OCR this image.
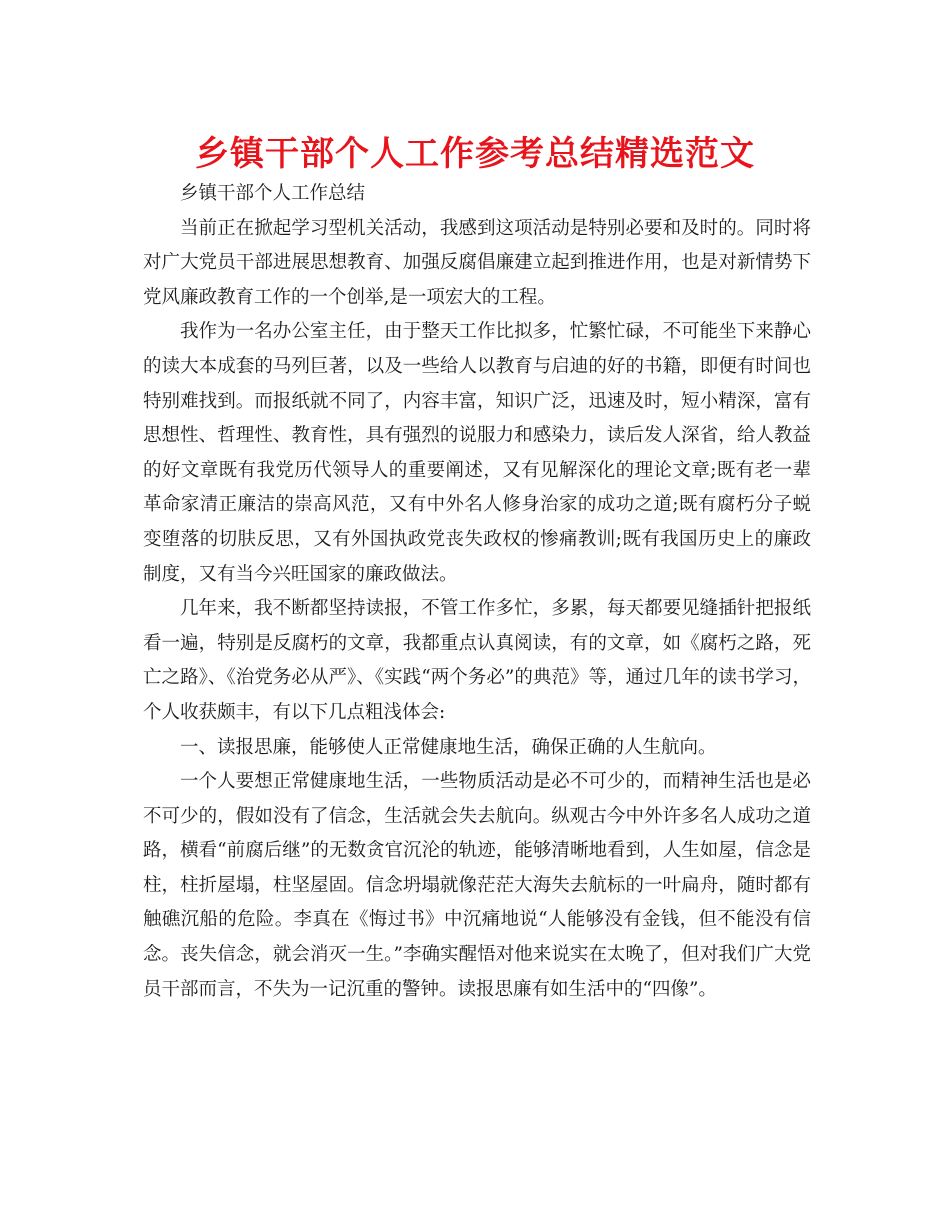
乡镇干部个人工作参考总结精选范文

乡镇干部个人工作总结

当前正在掀起学习型机关活动，我感到这项活动是特别必要和及时的。同时将对广大党员干部进展思想教育、加强反腐倡廉建立起到推进作用，也是对新情势下党风廉政教育工作的一个创举,是一项宏大的工程。

我作为一名办公室主任，由于整天工作比拟多，忙繁忙碌，不可能坐下来静心的读大本成套的马列巨著，以及一些给人以教育与启迪的好的书籍，即便有时间也特别难找到。而报纸就不同了，内容丰富，知识广泛，迅速及时，短小精深，富有思想性、哲理性、教育性，具有强烈的说服力和感染力，读后发人深省，给人教益的好文章既有我党历代领导人的重要阐述，又有见解深化的理论文章;既有老一辈革命家清正廉洁的崇高风范，又有中外名人修身治家的成功之道;既有腐朽分子蜕变堕落的切肤反思，又有外国执政党丧失政权的惨痛教训;既有我国历史上的廉政制度，又有当今兴旺国家的廉政做法。

几年来，我不断都坚持读报，不管工作多忙，多累，每天都要见缝插针把报纸看一遍，特别是反腐朽的文章，我都重点认真阅读，有的文章，如《腐朽之路，死亡之路》、《治党务必从严》、《实践“两个务必”的典范》等，通过几年的读书学习，个人收获颇丰，有以下几点粗浅体会:

一、读报思廉，能够使人正常健康地生活，确保正确的人生航向。

一个人要想正常健康地生活，一些物质活动是必不可少的，而精神生活也是必不可少的，假如没有了信念，生活就会失去航向。纵观古今中外许多名人成功之道路，横看“前腐后继”的无数贪官沉沦的轨迹，能够清晰地看到，人生如屋，信念是柱，柱折屋塌，柱坚屋固。信念坍塌就像茫茫大海失去航标的一叶扁舟，随时都有触礁沉船的危险。李真在《悔过书》中沉痛地说“人能够没有金钱，但不能没有信念。丧失信念，就会消灭一生。”李确实醒悟对他来说实在太晚了，但对我们广大党员干部而言，不失为一记沉重的警钟。读报思廉有如生活中的“四像”。
